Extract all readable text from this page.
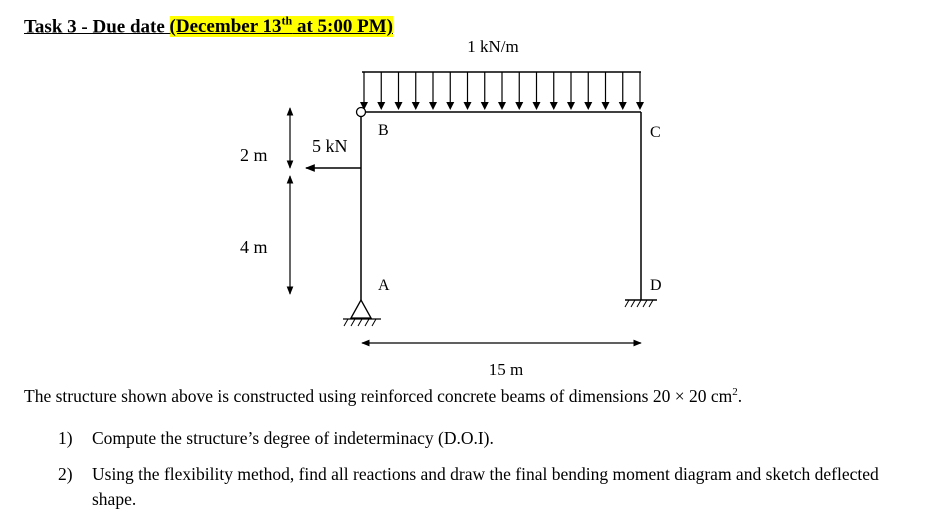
Task 3 - Due date (December 13th at 5:00 PM)
1 kN/m
B	C
A	D
5 kN
2 m
4 m
15 m
The structure shown above is constructed using reinforced concrete beams of dimensions 20 × 20 $cm^2$.
1) Compute the structure’s degree of indeterminacy (D.O.I).
2) Using the flexibility method, find all reactions and draw the final bending moment diagram and sketch deflected shape.
